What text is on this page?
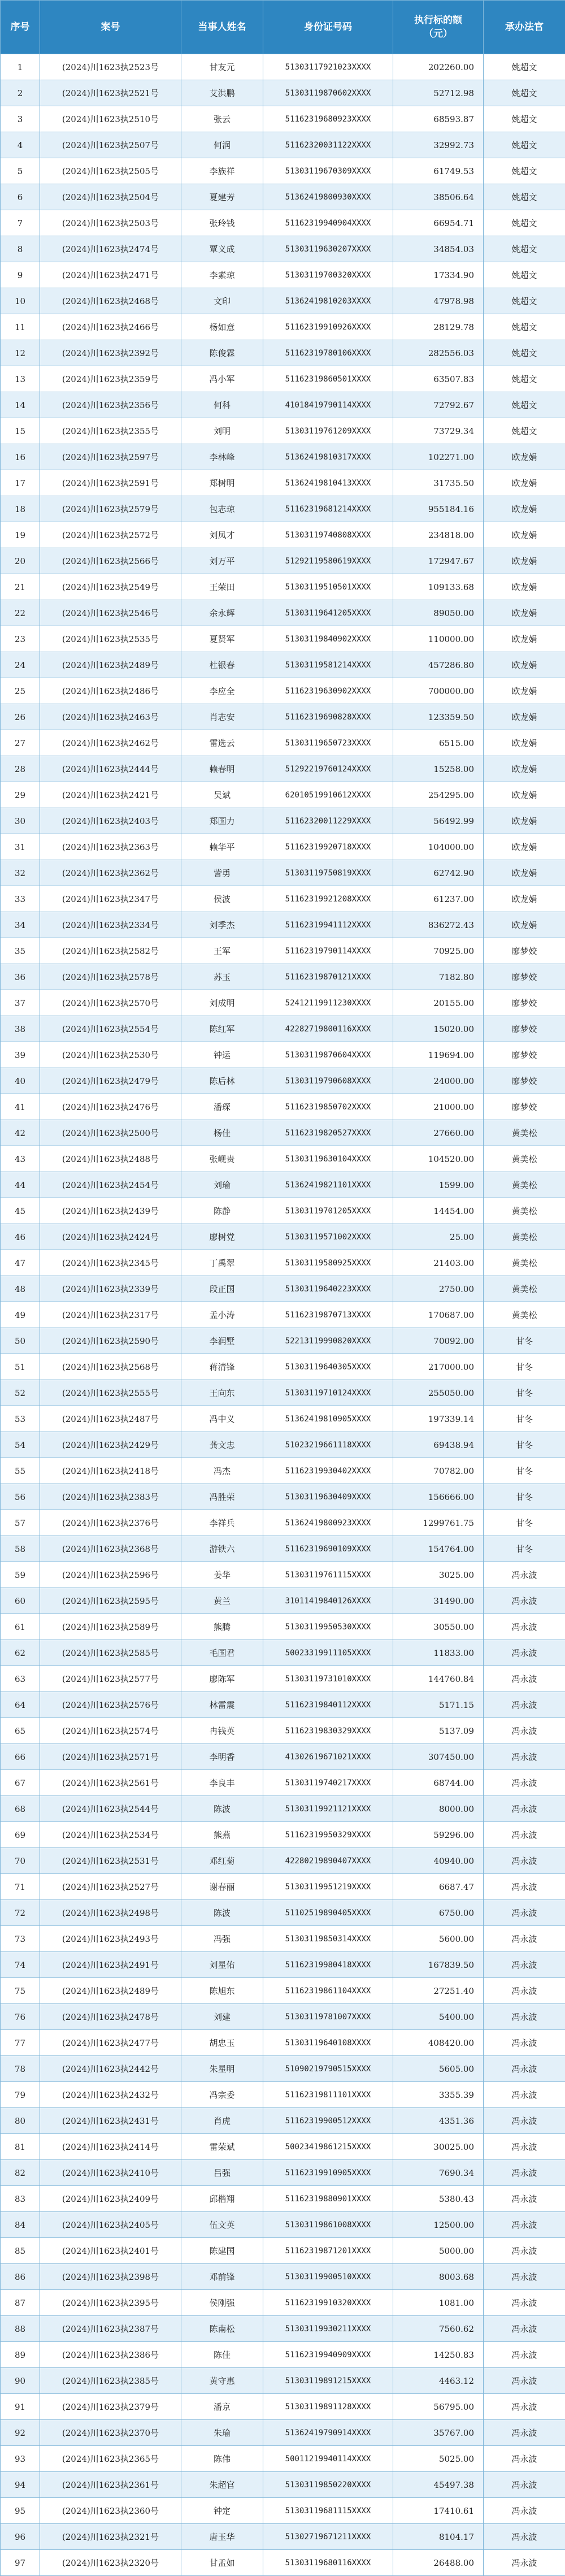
序号	案号	当事人姓名	身份证号码	执行标的额（元）	承办法官
1	(2024)川1623执2523号	甘友元	51303117921023XXXX	202260.00	姚超文
2	(2024)川1623执2521号	艾洪鹏	51303119870602XXXX	52712.98	姚超文
3	(2024)川1623执2510号	张云	51162319680923XXXX	68593.87	姚超文
4	(2024)川1623执2507号	何润	51162320031122XXXX	32992.73	姚超文
5	(2024)川1623执2505号	李族祥	51303119670309XXXX	61749.53	姚超文
6	(2024)川1623执2504号	夏建芳	51362419800930XXXX	38506.64	姚超文
7	(2024)川1623执2503号	张玲钱	51162319940904XXXX	66954.71	姚超文
8	(2024)川1623执2474号	覃义成	51303119630207XXXX	34854.03	姚超文
9	(2024)川1623执2471号	李素琼	51303119700320XXXX	17334.90	姚超文
10	(2024)川1623执2468号	文印	51362419810203XXXX	47978.98	姚超文
11	(2024)川1623执2466号	杨如意	51162319910926XXXX	28129.78	姚超文
12	(2024)川1623执2392号	陈俊霖	51162319780106XXXX	282556.03	姚超文
13	(2024)川1623执2359号	冯小军	51162319860501XXXX	63507.83	姚超文
14	(2024)川1623执2356号	何科	41018419790114XXXX	72792.67	姚超文
15	(2024)川1623执2355号	刘明	51303119761209XXXX	73729.34	姚超文
16	(2024)川1623执2597号	李林峰	51362419810317XXXX	102271.00	欧龙娟
17	(2024)川1623执2591号	郑树明	51362419810413XXXX	31735.50	欧龙娟
18	(2024)川1623执2579号	包志琼	51162319681214XXXX	955184.16	欧龙娟
19	(2024)川1623执2572号	刘凤才	51303119740808XXXX	234818.00	欧龙娟
20	(2024)川1623执2566号	刘万平	51292119580619XXXX	172947.67	欧龙娟
21	(2024)川1623执2549号	王荣田	51303119510501XXXX	109133.68	欧龙娟
22	(2024)川1623执2546号	余永辉	51303119641205XXXX	89050.00	欧龙娟
23	(2024)川1623执2535号	夏贤军	51303119840902XXXX	110000.00	欧龙娟
24	(2024)川1623执2489号	杜银春	51303119581214XXXX	457286.80	欧龙娟
25	(2024)川1623执2486号	李应全	51162319630902XXXX	700000.00	欧龙娟
26	(2024)川1623执2463号	肖志安	51162319690828XXXX	123359.50	欧龙娟
27	(2024)川1623执2462号	雷选云	51303119650723XXXX	6515.00	欧龙娟
28	(2024)川1623执2444号	赖春明	51292219760124XXXX	15258.00	欧龙娟
29	(2024)川1623执2421号	吴斌	62010519910612XXXX	254295.00	欧龙娟
30	(2024)川1623执2403号	郑国力	51162320011229XXXX	56492.99	欧龙娟
31	(2024)川1623执2363号	赖华平	51162319920718XXXX	104000.00	欧龙娟
32	(2024)川1623执2362号	訾勇	51303119750819XXXX	62742.90	欧龙娟
33	(2024)川1623执2347号	侯波	51162319921208XXXX	61237.00	欧龙娟
34	(2024)川1623执2334号	刘季杰	51162319941112XXXX	836272.43	欧龙娟
35	(2024)川1623执2582号	王军	51162319790114XXXX	70925.00	廖梦姣
36	(2024)川1623执2578号	苏玉	51162319870121XXXX	7182.80	廖梦姣
37	(2024)川1623执2570号	刘成明	52412119911230XXXX	20155.00	廖梦姣
38	(2024)川1623执2554号	陈红军	42282719800116XXXX	15020.00	廖梦姣
39	(2024)川1623执2530号	钟运	51303119870604XXXX	119694.00	廖梦姣
40	(2024)川1623执2479号	陈后林	51303119790608XXXX	24000.00	廖梦姣
41	(2024)川1623执2476号	潘琛	51162319850702XXXX	21000.00	廖梦姣
42	(2024)川1623执2500号	杨佳	51162319820527XXXX	27660.00	黄美松
43	(2024)川1623执2488号	张岘贵	51303119630104XXXX	104520.00	黄美松
44	(2024)川1623执2454号	刘瑜	51362419821101XXXX	1599.00	黄美松
45	(2024)川1623执2439号	陈静	51303119701205XXXX	14454.00	黄美松
46	(2024)川1623执2424号	廖树党	51303119571002XXXX	25.00	黄美松
47	(2024)川1623执2345号	丁禹翠	51303119580925XXXX	21403.00	黄美松
48	(2024)川1623执2339号	段正国	51303119640223XXXX	2750.00	黄美松
49	(2024)川1623执2317号	孟小涛	51162319870713XXXX	170687.00	黄美松
50	(2024)川1623执2590号	李润墅	52213119990820XXXX	70092.00	甘冬
51	(2024)川1623执2568号	蒋清锋	51303119640305XXXX	217000.00	甘冬
52	(2024)川1623执2555号	王向东	51303119710124XXXX	255050.00	甘冬
53	(2024)川1623执2487号	冯中义	51362419810905XXXX	197339.14	甘冬
54	(2024)川1623执2429号	龚文忠	51023219661118XXXX	69438.94	甘冬
55	(2024)川1623执2418号	冯杰	51162319930402XXXX	70782.00	甘冬
56	(2024)川1623执2383号	冯胜荣	51303119630409XXXX	156666.00	甘冬
57	(2024)川1623执2376号	李祥兵	51362419800923XXXX	1299761.75	甘冬
58	(2024)川1623执2368号	游铁六	51162319690109XXXX	154764.00	甘冬
59	(2024)川1623执2596号	姜华	51303119761115XXXX	3025.00	冯永波
60	(2024)川1623执2595号	黄兰	31011419840126XXXX	31490.00	冯永波
61	(2024)川1623执2589号	熊腾	51303119950530XXXX	30550.00	冯永波
62	(2024)川1623执2585号	毛国君	50023319911105XXXX	11833.00	冯永波
63	(2024)川1623执2577号	廖陈军	51303119731010XXXX	144760.84	冯永波
64	(2024)川1623执2576号	林雷震	51162319840112XXXX	5171.15	冯永波
65	(2024)川1623执2574号	冉钱英	51162319830329XXXX	5137.09	冯永波
66	(2024)川1623执2571号	李明香	41302619671021XXXX	307450.00	冯永波
67	(2024)川1623执2561号	李良丰	51303119740217XXXX	68744.00	冯永波
68	(2024)川1623执2544号	陈波	51303119921121XXXX	8000.00	冯永波
69	(2024)川1623执2534号	熊燕	51162319950329XXXX	59296.00	冯永波
70	(2024)川1623执2531号	邓红菊	42280219890407XXXX	40940.00	冯永波
71	(2024)川1623执2527号	谢春丽	51303119951219XXXX	6687.47	冯永波
72	(2024)川1623执2498号	陈波	51102519890405XXXX	6750.00	冯永波
73	(2024)川1623执2493号	冯强	51303119850314XXXX	5600.00	冯永波
74	(2024)川1623执2491号	刘星佑	51162319980418XXXX	167839.50	冯永波
75	(2024)川1623执2489号	陈旭东	51162319861104XXXX	27251.40	冯永波
76	(2024)川1623执2478号	刘建	51303119781007XXXX	5400.00	冯永波
77	(2024)川1623执2477号	胡忠玉	51303119640108XXXX	408420.00	冯永波
78	(2024)川1623执2442号	朱星明	51090219790515XXXX	5605.00	冯永波
79	(2024)川1623执2432号	冯宗委	51162319811101XXXX	3355.39	冯永波
80	(2024)川1623执2431号	肖虎	51162319900512XXXX	4351.36	冯永波
81	(2024)川1623执2414号	雷荣斌	50023419861215XXXX	30025.00	冯永波
82	(2024)川1623执2410号	吕强	51162319910905XXXX	7690.34	冯永波
83	(2024)川1623执2409号	邱楷翔	51162319880901XXXX	5380.43	冯永波
84	(2024)川1623执2405号	伍文英	51303119861008XXXX	12500.00	冯永波
85	(2024)川1623执2401号	陈建国	51162319871201XXXX	5000.00	冯永波
86	(2024)川1623执2398号	邓前锋	51303119900510XXXX	8003.68	冯永波
87	(2024)川1623执2395号	侯刚强	51162319910320XXXX	1081.00	冯永波
88	(2024)川1623执2387号	陈南松	51303119930211XXXX	7560.62	冯永波
89	(2024)川1623执2386号	陈佳	51162319940909XXXX	14250.83	冯永波
90	(2024)川1623执2385号	黄守惠	51303119891215XXXX	4463.12	冯永波
91	(2024)川1623执2379号	潘京	51303119891128XXXX	56795.00	冯永波
92	(2024)川1623执2370号	朱瑜	51362419790914XXXX	35767.00	冯永波
93	(2024)川1623执2365号	陈伟	50011219940114XXXX	5025.00	冯永波
94	(2024)川1623执2361号	朱超官	51303119850220XXXX	45497.38	冯永波
95	(2024)川1623执2360号	钟定	51303119681115XXXX	17410.61	冯永波
96	(2024)川1623执2321号	唐玉华	51302719671211XXXX	8104.17	冯永波
97	(2024)川1623执2320号	甘孟如	51303119680116XXXX	26488.00	冯永波
